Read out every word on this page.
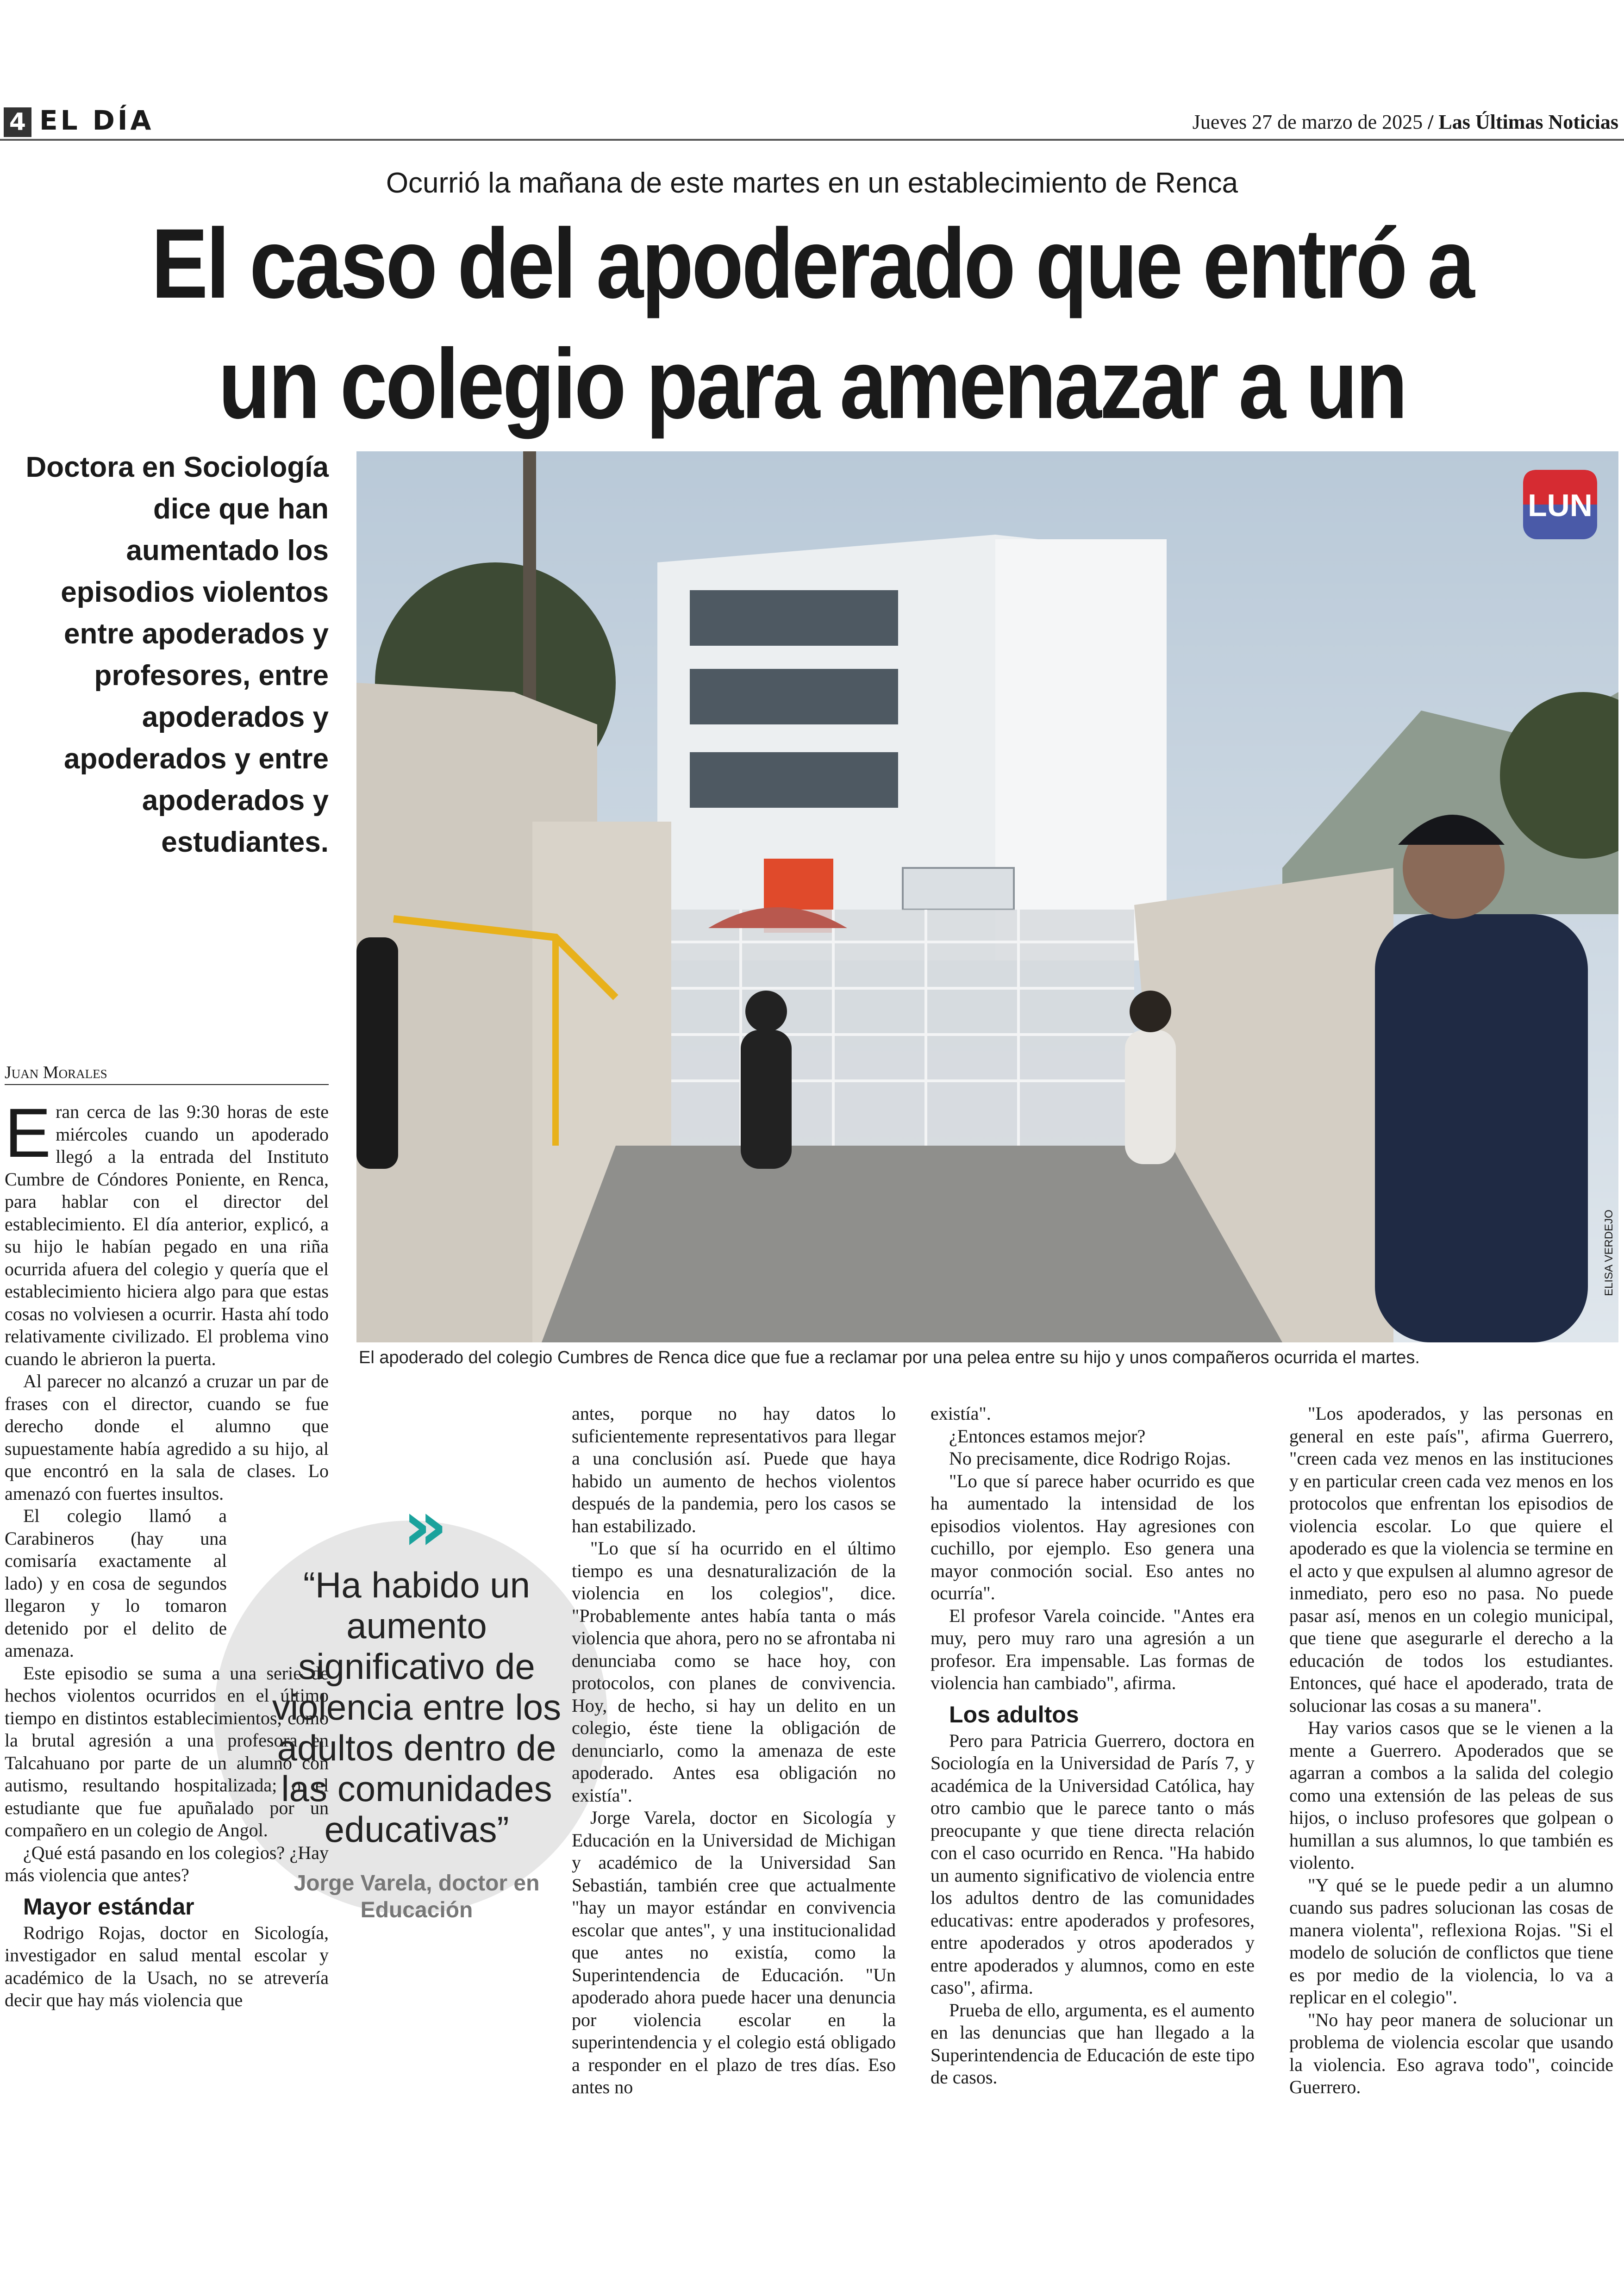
4 EL DÍA	Jueves 27 de marzo de 2025 / Las Últimas Noticias
Ocurrió la mañana de este martes en un establecimiento de Renca
El caso del apoderado que entró a un colegio para amenazar a un
Doctora en Sociología dice que han aumentado los episodios violentos entre apoderados y profesores, entre apoderados y apoderados y entre apoderados y estudiantes.
LUN
El apoderado del colegio Cumbres de Renca dice que fue a reclamar por una pelea entre su hijo y unos compañeros ocurrida el martes.
ELISA VERDEJO
Juan Morales

Eran cerca de las 9:30 horas de este miércoles cuando un apoderado llegó a la entrada del Instituto Cumbre de Cóndores Poniente, en Renca, para hablar con el director del establecimiento. El día anterior, explicó, a su hijo le habían pegado en una riña ocurrida afuera del colegio y quería que el establecimiento hiciera algo para que estas cosas no volviesen a ocurrir. Hasta ahí todo relativamente civilizado. El problema vino cuando le abrieron la puerta.

Al parecer no alcanzó a cruzar un par de frases con el director, cuando se fue derecho donde el alumno que supuestamente había agredido a su hijo, al que encontró en la sala de clases. Lo amenazó con fuertes insultos.

El colegio llamó a Carabineros (hay una comisaría exactamente al lado) y en cosa de segundos llegaron y lo tomaron detenido por el delito de amenaza.

Este episodio se suma a una serie de hechos violentos ocurridos en el último tiempo en distintos establecimientos, como la brutal agresión a una profesora en Talcahuano por parte de un alumno con autismo, resultando hospitalizada; o el estudiante que fue apuñalado por un compañero en un colegio de Angol.

¿Qué está pasando en los colegios? ¿Hay más violencia que antes?

Mayor estándar

Rodrigo Rojas, doctor en Sicología, investigador en salud mental escolar y académico de la Usach, no se atrevería decir que hay más violencia que

antes, porque no hay datos lo suficientemente representativos para llegar a una conclusión así. Puede que haya habido un aumento de hechos violentos después de la pandemia, pero los casos se han estabilizado.

"Lo que sí ha ocurrido en el último tiempo es una desnaturalización de la violencia en los colegios", dice. "Probablemente antes había tanta o más violencia que ahora, pero no se afrontaba ni denunciaba como se hace hoy, con protocolos, con planes de convivencia. Hoy, de hecho, si hay un delito en un colegio, éste tiene la obligación de denunciarlo, como la amenaza de este apoderado. Antes esa obligación no existía".

Jorge Varela, doctor en Sicología y Educación en la Universidad de Michigan y académico de la Universidad San Sebastián, también cree que actualmente "hay un mayor estándar en convivencia escolar que antes", y una institucionalidad que antes no existía, como la Superintendencia de Educación. "Un apoderado ahora puede hacer una denuncia por violencia escolar en la superintendencia y el colegio está obligado a responder en el plazo de tres días. Eso antes no

existía".

¿Entonces estamos mejor?

No precisamente, dice Rodrigo Rojas.

"Lo que sí parece haber ocurrido es que ha aumentado la intensidad de los episodios violentos. Hay agresiones con cuchillo, por ejemplo. Eso genera una mayor conmoción social. Eso antes no ocurría".

El profesor Varela coincide. "Antes era muy, pero muy raro una agresión a un profesor. Era impensable. Las formas de violencia han cambiado", afirma.

Los adultos

Pero para Patricia Guerrero, doctora en Sociología en la Universidad de París 7, y académica de la Universidad Católica, hay otro cambio que le parece tanto o más preocupante y que tiene directa relación con el caso ocurrido en Renca. "Ha habido un aumento significativo de violencia entre los adultos dentro de las comunidades educativas: entre apoderados y profesores, entre apoderados y otros apoderados y entre apoderados y alumnos, como en este caso", afirma.

Prueba de ello, argumenta, es el aumento en las denuncias que han llegado a la Superintendencia de Educación de este tipo de casos.

"Los apoderados, y las personas en general en este país", afirma Guerrero, "creen cada vez menos en las instituciones y en particular creen cada vez menos en los protocolos que enfrentan los episodios de violencia escolar. Lo que quiere el apoderado es que la violencia se termine en el acto y que expulsen al alumno agresor de inmediato, pero eso no pasa. No puede pasar así, menos en un colegio municipal, que tiene que asegurarle el derecho a la educación de todos los estudiantes. Entonces, qué hace el apoderado, trata de solucionar las cosas a su manera".

Hay varios casos que se le vienen a la mente a Guerrero. Apoderados que se agarran a combos a la salida del colegio como una extensión de las peleas de sus hijos, o incluso profesores que golpean o humillan a sus alumnos, lo que también es violento.

"Y qué se le puede pedir a un alumno cuando sus padres solucionan las cosas de manera violenta", reflexiona Rojas. "Si el modelo de solución de conflictos que tiene es por medio de la violencia, lo va a replicar en el colegio".

"No hay peor manera de solucionar un problema de violencia escolar que usando la violencia. Eso agrava todo", coincide Guerrero.

»
“Ha habido un aumento significativo de violencia entre los adultos dentro de las comunidades educativas”
Jorge Varela, doctor en Educación
